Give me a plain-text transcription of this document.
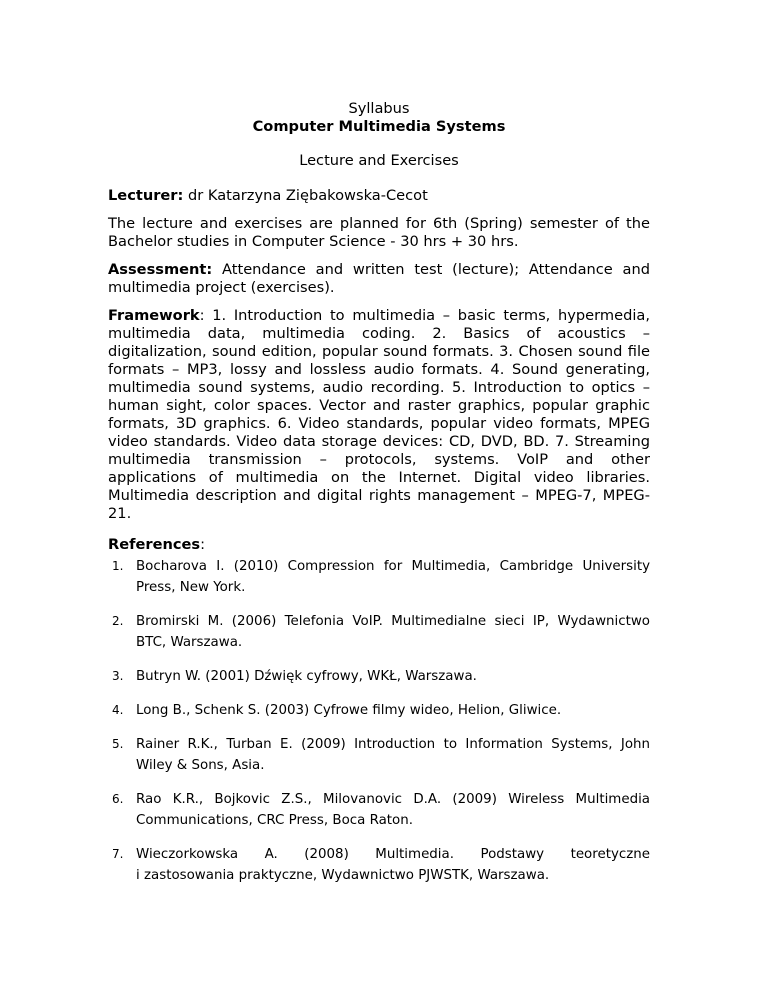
Syllabus
Computer Multimedia Systems
Lecture and Exercises

Lecturer: dr Katarzyna Ziębakowska-Cecot

The lecture and exercises are planned for 6th (Spring) semester of the Bachelor studies in Computer Science - 30 hrs + 30 hrs.

Assessment: Attendance and written test (lecture); Attendance and multimedia project (exercises).

Framework: 1. Introduction to multimedia – basic terms, hypermedia, multimedia data, multimedia coding. 2. Basics of acoustics – digitalization, sound edition, popular sound formats. 3. Chosen sound file formats – MP3, lossy and lossless audio formats. 4. Sound generating, multimedia sound systems, audio recording. 5. Introduction to optics – human sight, color spaces. Vector and raster graphics, popular graphic formats, 3D graphics. 6. Video standards, popular video formats, MPEG video standards. Video data storage devices: CD, DVD, BD. 7. Streaming multimedia transmission – protocols, systems. VoIP and other applications of multimedia on the Internet. Digital video libraries. Multimedia description and digital rights management – MPEG-7, MPEG-21.

References:

1. Bocharova I. (2010) Compression for Multimedia, Cambridge University Press, New York.
2. Bromirski M. (2006) Telefonia VoIP. Multimedialne sieci IP, Wydawnictwo BTC, Warszawa.
3. Butryn W. (2001) Dźwięk cyfrowy, WKŁ, Warszawa.
4. Long B., Schenk S. (2003) Cyfrowe filmy wideo, Helion, Gliwice.
5. Rainer R.K., Turban E. (2009) Introduction to Information Systems, John Wiley & Sons, Asia.
6. Rao K.R., Bojkovic Z.S., Milovanovic D.A. (2009) Wireless Multimedia Communications, CRC Press, Boca Raton.
7. Wieczorkowska A. (2008) Multimedia. Podstawy teoretyczne
i zastosowania praktyczne, Wydawnictwo PJWSTK, Warszawa.
